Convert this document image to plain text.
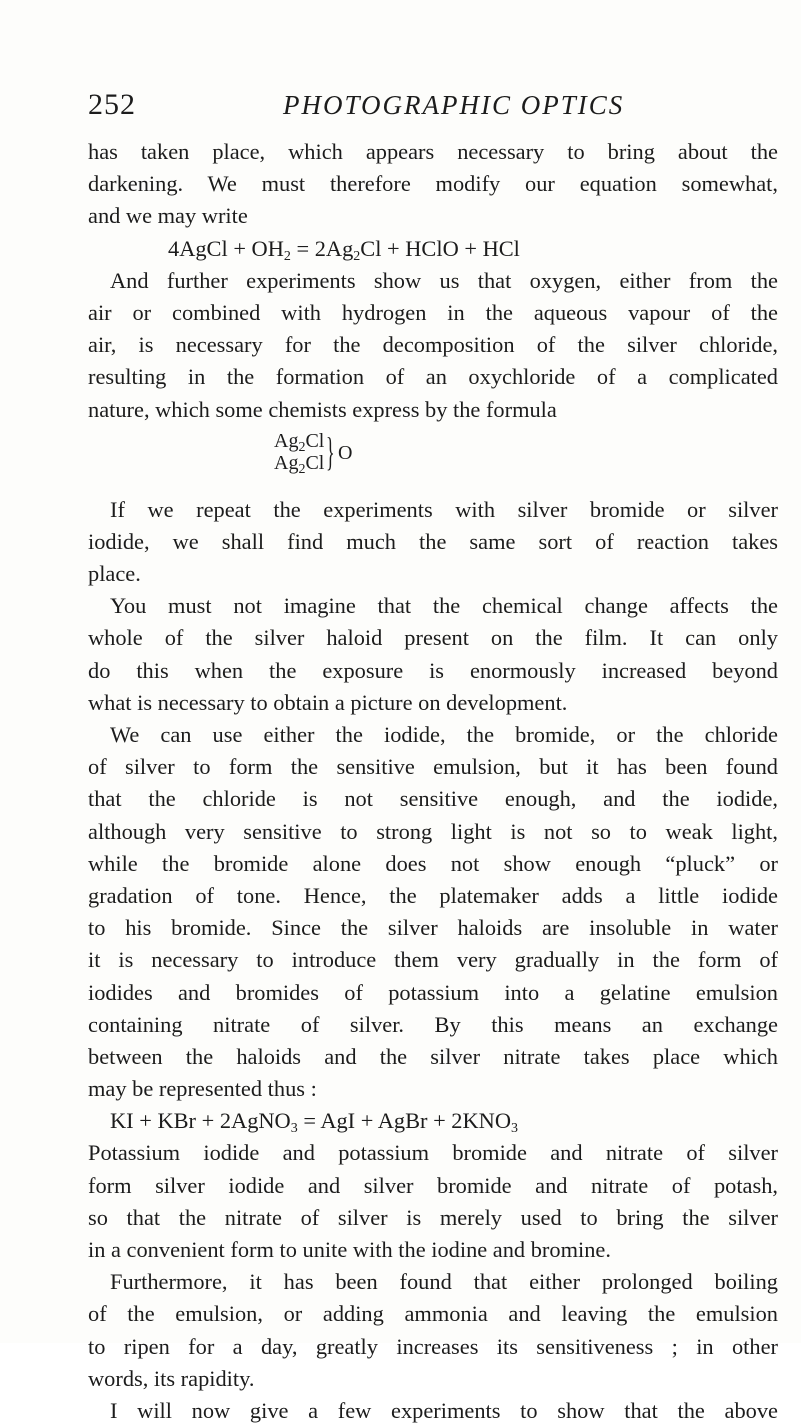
252	PHOTOGRAPHIC OPTICS
has taken place, which appears necessary to bring about the
darkening. We must therefore modify our equation somewhat,
and we may write
4AgCl + $OH_2 = 2Ag_2Cl$ + HClO + HCl
And further experiments show us that oxygen, either from the
air or combined with hydrogen in the aqueous vapour of the
air, is necessary for the decomposition of the silver chloride,
resulting in the formation of an oxychloride of a complicated
nature, which some chemists express by the formula
$Ag_2Cl$
$Ag_2Cl$ } O
If we repeat the experiments with silver bromide or silver
iodide, we shall find much the same sort of reaction takes
place.
You must not imagine that the chemical change affects the
whole of the silver haloid present on the film. It can only
do this when the exposure is enormously increased beyond
what is necessary to obtain a picture on development.
We can use either the iodide, the bromide, or the chloride
of silver to form the sensitive emulsion, but it has been found
that the chloride is not sensitive enough, and the iodide,
although very sensitive to strong light is not so to weak light,
while the bromide alone does not show enough “pluck” or
gradation of tone. Hence, the platemaker adds a little iodide
to his bromide. Since the silver haloids are insoluble in water
it is necessary to introduce them very gradually in the form of
iodides and bromides of potassium into a gelatine emulsion
containing nitrate of silver. By this means an exchange
between the haloids and the silver nitrate takes place which
may be represented thus :
KI + KBr + 2AgNO$_3$ = AgI + AgBr + $2KNO_3$
Potassium iodide and potassium bromide and nitrate of silver
form silver iodide and silver bromide and nitrate of potash,
so that the nitrate of silver is merely used to bring the silver
in a convenient form to unite with the iodine and bromine.
Furthermore, it has been found that either prolonged boiling
of the emulsion, or adding ammonia and leaving the emulsion
to ripen for a day, greatly increases its sensitiveness ; in other
words, its rapidity.
I will now give a few experiments to show that the above
